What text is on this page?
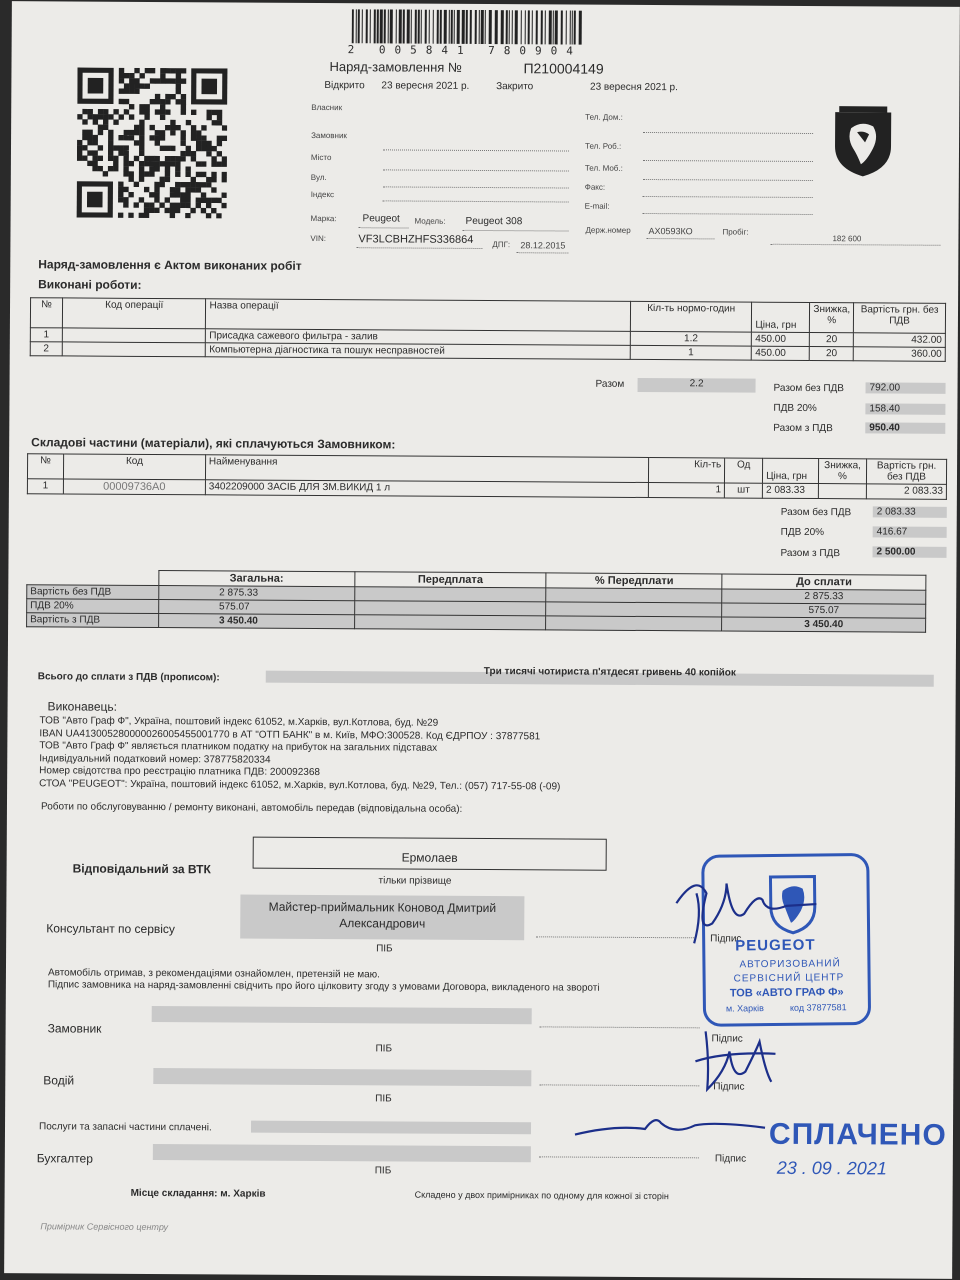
2 005841 780904
Наряд-замовлення №	П210004149
Відкрито 23 вересня 2021 р.	Закрито	23 вересня 2021 р.
Власник
Замовник
Місто
Вул.
Індекс
Тел. Дом.:
Тел. Роб.:
Тел. Моб.:
Факс:
E-mail:
Марка:	Peugeot Модель: Peugeot 308
Держ.номер АХ0593КО	Пробіг:
182 600
VIN:	VF3LCBHZHFS336864 ДПГ: 28.12.2015
Наряд-замовлення є Актом виконаних робіт
Виконані роботи:
№	Код операції	Назва операції	Кіл-ть нормо-годин	Ціна, грн	Знижка, %	Вартість грн. без ПДВ
1		Присадка сажевого фильтра - залив	1.2	450.00	20	432.00
2		Компьютерна діагностика та пошук несправностей	1	450.00	20	360.00
Разом	2.2	Разом без ПДВ	792.00
ПДВ 20%	158.40
Разом з ПДВ	950.40
Складові частини (матеріали), які сплачуються Замовником:
№	Код	Найменування	Кіл-ть	Од	Ціна, грн	Знижка, %	Вартість грн. без ПДВ
1	00009736A0	3402209000 ЗАСІБ ДЛЯ ЗМ.ВИКИД 1 л	1	шт	2 083.33		2 083.33
Разом без ПДВ	2 083.33
ПДВ 20%	416.67
Разом з ПДВ	2 500.00
	Загальна:	Передплата	% Передплати	До сплати
Вартість без ПДВ	2 875.33			2 875.33
ПДВ 20%	575.07			575.07
Вартість з ПДВ	3 450.40			3 450.40
Всього до сплати з ПДВ (прописом):	Три тисячі чотириста п'ятдесят гривень 40 копійок
Виконавець:
ТОВ "Авто Граф Ф", Україна, поштовий індекс 61052, м.Харків, вул.Котлова, буд. №29
IBAN UA413005280000026005455001770 в АТ "ОТП БАНК" в м. Київ, МФО:300528. Код ЄДРПОУ : 37877581
ТОВ "Авто Граф Ф" являється платником податку на прибуток на загальних підставах
Індивідуальний податковий номер: 378775820334
Номер свідотства про реєстрацію платника ПДВ: 200092368
СТОА "PEUGEOT": Україна, поштовий індекс 61052, м.Харків, вул.Котлова, буд. №29, Тел.: (057) 717-55-08 (-09)
Роботи по обслуговуванню / ремонту виконані, автомобіль передав (відповідальна особа):
Відповідальний за ВТК
Ермолаев
тільки прізвище
Консультант по сервісу
Майстер-приймальник Коновод Дмитрий
Александрович
ПІБ
Підпис
Автомобіль отримав, з рекомендаціями ознайомлен, претензій не маю.
Підпис замовника на наряд-замовленні свідчить про його цілковиту згоду з умовами Договора, викладеного на звороті
Замовник
ПІБ
Підпис
Водій
ПІБ
Підпис
Послуги та запасні частини сплачені.
Бухгалтер
ПІБ
Підпис
Місце складання: м. Харків	Складено у двох примірниках по одному для кожної зі сторін
Примірник Сервісного центру
PEUGEOT
АВТОРИЗОВАНИЙ
СЕРВІСНИЙ ЦЕНТР
ТОВ «АВТО ГРАФ Ф»
м. Харків	код 37877581
СПЛАЧЕНО
23 . 09 . 2021
